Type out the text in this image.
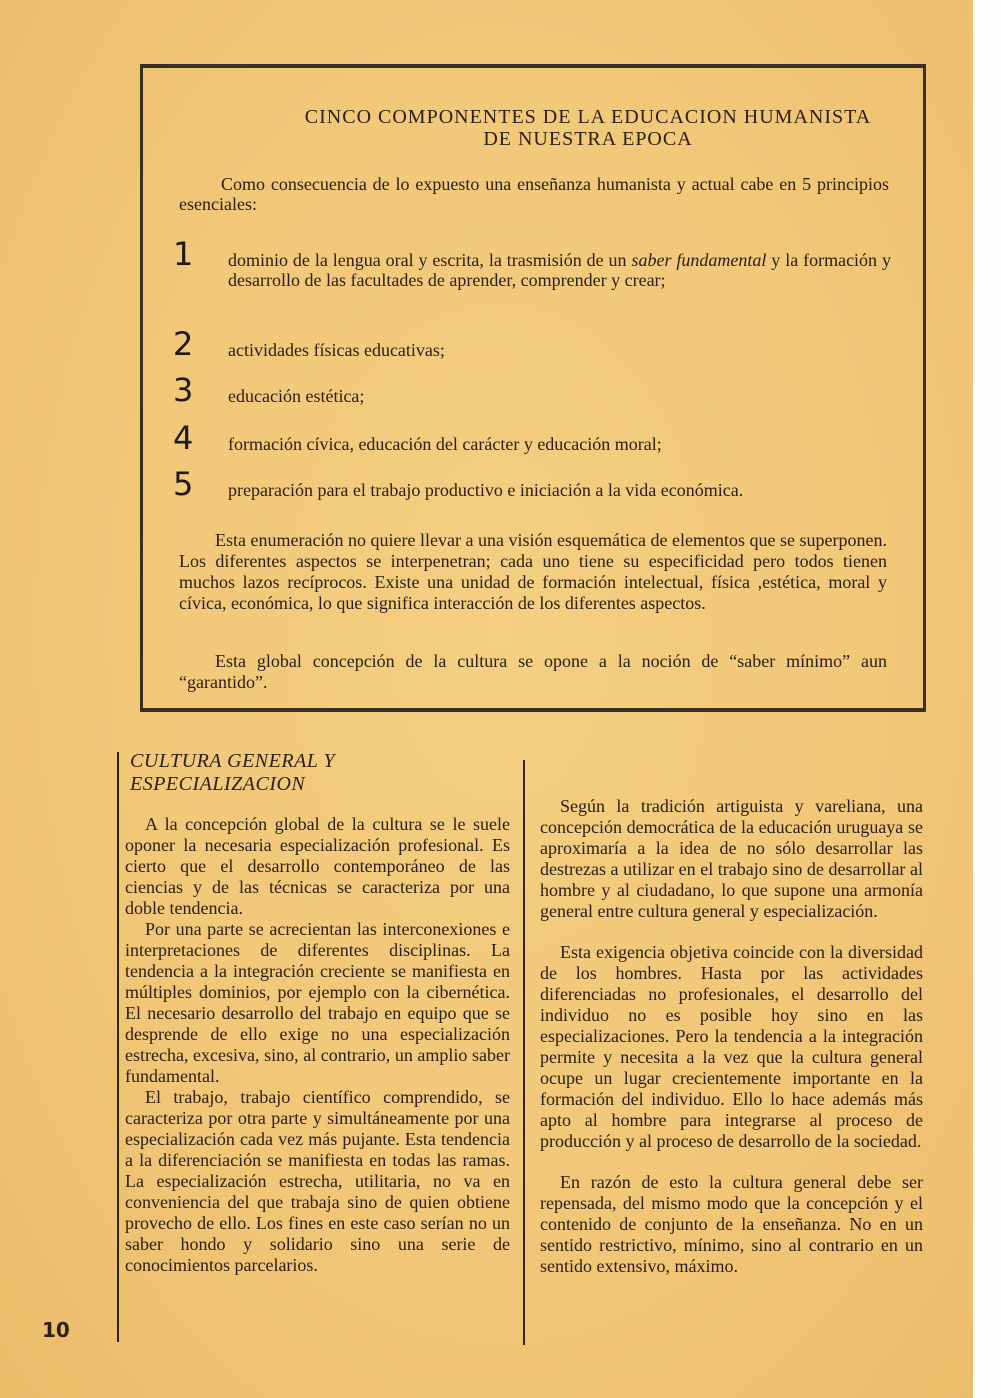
CINCO COMPONENTES DE LA EDUCACION HUMANISTA
DE NUESTRA EPOCA
Como consecuencia de lo expuesto una enseñanza humanista y actual cabe en 5 principios esenciales:
1	dominio de la lengua oral y escrita, la trasmisión de un saber fundamental y la formación y desarrollo de las facultades de aprender, comprender y crear;
2	actividades físicas educativas;
3	educación estética;
4	formación cívica, educación del carácter y educación moral;
5	preparación para el trabajo productivo e iniciación a la vida económica.
Esta enumeración no quiere llevar a una visión esquemática de elementos que se superponen. Los diferentes aspectos se interpenetran; cada uno tiene su especificidad pero todos tienen muchos lazos recíprocos. Existe una unidad de formación intelectual, física ,estética, moral y cívica, económica, lo que significa interacción de los diferentes aspectos.
Esta global concepción de la cultura se opone a la noción de “saber mínimo” aun “garantido”.
CULTURA GENERAL Y
ESPECIALIZACION

A la concepción global de la cultura se le suele oponer la necesaria especialización profesional. Es cierto que el desarrollo contemporáneo de las ciencias y de las técnicas se caracteriza por una doble tendencia.

Por una parte se acrecientan las interconexiones e interpretaciones de diferentes disciplinas. La tendencia a la integración creciente se manifiesta en múltiples dominios, por ejemplo con la cibernética. El necesario desarrollo del trabajo en equipo que se desprende de ello exige no una especialización estrecha, excesiva, sino, al contrario, un amplio saber fundamental.

El trabajo, trabajo científico comprendido, se caracteriza por otra parte y simultáneamente por una especialización cada vez más pujante. Esta tendencia a la diferenciación se manifiesta en todas las ramas. La especialización estrecha, utilitaria, no va en conveniencia del que trabaja sino de quien obtiene provecho de ello. Los fines en este caso serían no un saber hondo y solidario sino una serie de conocimientos parcelarios.

Según la tradición artiguista y vareliana, una concepción democrática de la educación uruguaya se aproximaría a la idea de no sólo desarrollar las destrezas a utilizar en el trabajo sino de desarrollar al hombre y al ciudadano, lo que supone una armonía general entre cultura general y especialización.

Esta exigencia objetiva coincide con la diversidad de los hombres. Hasta por las actividades diferenciadas no profesionales, el desarrollo del individuo no es posible hoy sino en las especializaciones. Pero la tendencia a la integración permite y necesita a la vez que la cultura general ocupe un lugar crecientemente importante en la formación del individuo. Ello lo hace además más apto al hombre para integrarse al proceso de producción y al proceso de desarrollo de la sociedad.

En razón de esto la cultura general debe ser repensada, del mismo modo que la concepción y el contenido de conjunto de la enseñanza. No en un sentido restrictivo, mínimo, sino al contrario en un sentido extensivo, máximo.

10
